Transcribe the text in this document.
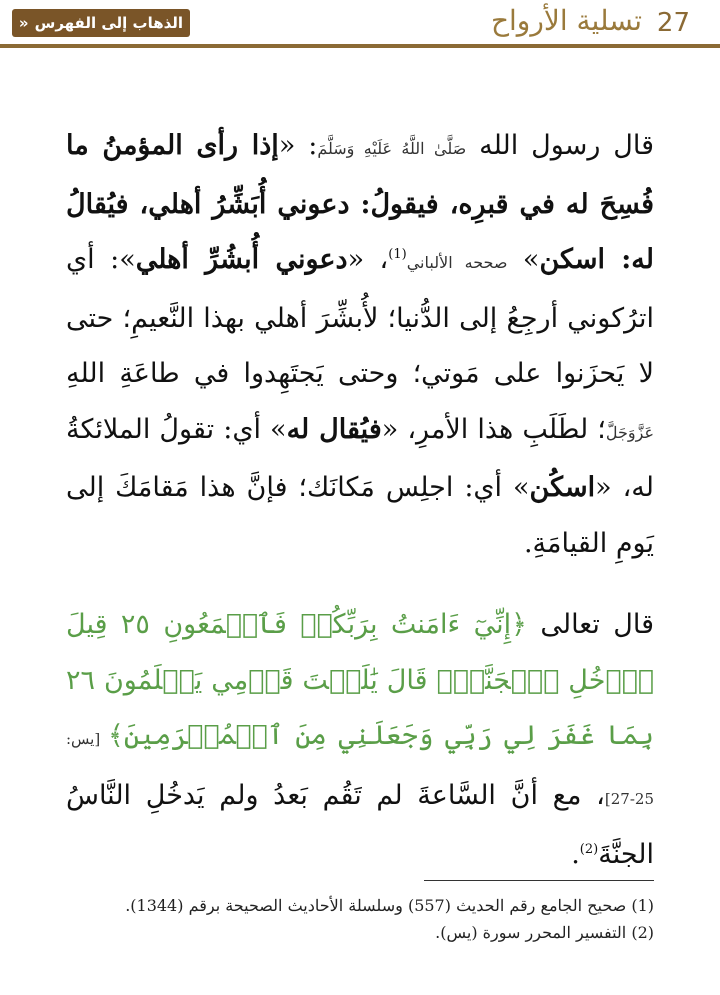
27
تسلية الأرواح
الذهاب إلى الفهرس
«

قال رسول الله صَلَّىٰ اللَّهُ عَلَيْهِ وَسَلَّمَ: «إذا رأى المؤمنُ ما فُسِحَ له في قبرِه، فيقولُ: دعوني أُبَشِّرُ أهلي، فيُقالُ له: اسكن» صححه الألباني$^{(1)}$، «دعوني أُبشُرِّ أهلي»: أي اترُكوني أرجِعُ إلى الدُّنيا؛ لأُبشِّرَ أهلي بهذا النَّعيمِ؛ حتى لا يَحزَنوا على مَوتي؛ وحتى يَجتَهِدوا في طاعَةِ اللهِ عَزَّوَجَلَّ؛ لطَلَبِ هذا الأمرِ، «فيُقال له» أي: تقولُ الملائكةُ له، «اسكُن» أي: اجلِس مَكانَك؛ فإنَّ هذا مَقامَكَ إلى يَومِ القيامَةِ.

قال تعالى ﴿إِنِّيٓ ءَامَنتُ بِرَبِّكُمۡ فَٱسۡمَعُونِ ٢٥ قِيلَ ٱدۡخُلِ ٱلۡجَنَّةَۖ قَالَ يَٰلَيۡتَ قَوۡمِي يَعۡلَمُونَ ٢٦ بِمَا غَفَرَ لِي رَبِّي وَجَعَلَنِي مِنَ ٱلۡمُكۡرَمِينَ﴾ [يس: 25-27]، مع أنَّ السَّاعةَ لم تَقُم بَعدُ ولم يَدخُلِ النَّاسُ الجنَّةَ$^{(2)}$.

(1) صحيح الجامع رقم الحديث (557) وسلسلة الأحاديث الصحيحة برقم (1344).

(2) التفسير المحرر سورة (يس).
